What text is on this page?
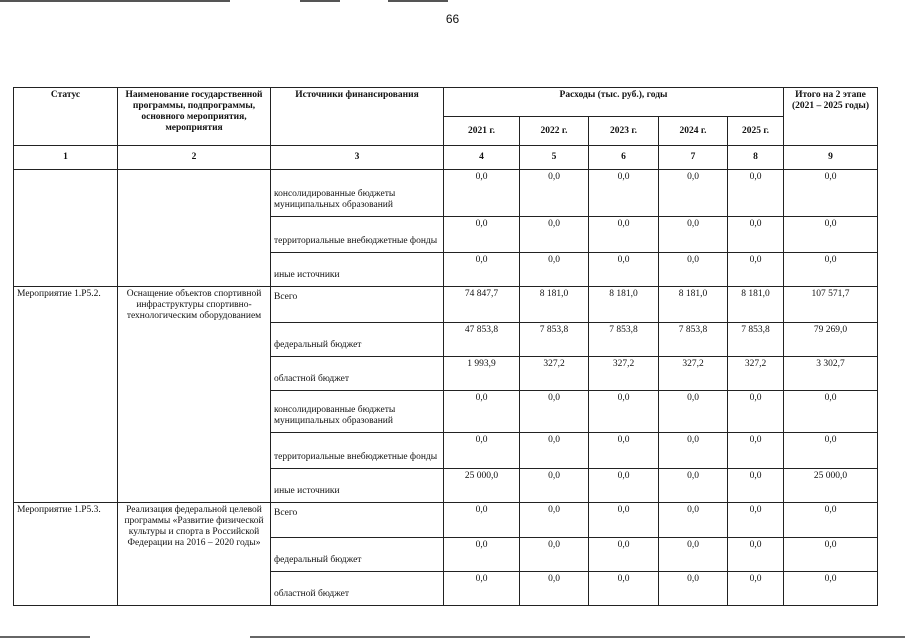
66
Статус	Наименование государственной программы, подпрограммы, основного мероприятия, мероприятия	Источники финансирования	Расходы (тыс. руб.), годы					Итого на 2 этапе (2021 – 2025 годы)
			2021 г.	2022 г.	2023 г.	2024 г.	2025 г.	
1	2	3	4	5	6	7	8	9
		консолидированные бюджеты муниципальных образований	0,0	0,0	0,0	0,0	0,0	0,0
		территориальные внебюджетные фонды	0,0	0,0	0,0	0,0	0,0	0,0
		иные источники	0,0	0,0	0,0	0,0	0,0	0,0
Мероприятие 1.Р5.2.	Оснащение объектов спортивной инфраструктуры спортивно-технологическим оборудованием	Всего	74 847,7	8 181,0	8 181,0	8 181,0	8 181,0	107 571,7
		федеральный бюджет	47 853,8	7 853,8	7 853,8	7 853,8	7 853,8	79 269,0
		областной бюджет	1 993,9	327,2	327,2	327,2	327,2	3 302,7
		консолидированные бюджеты муниципальных образований	0,0	0,0	0,0	0,0	0,0	0,0
		территориальные внебюджетные фонды	0,0	0,0	0,0	0,0	0,0	0,0
		иные источники	25 000,0	0,0	0,0	0,0	0,0	25 000,0
Мероприятие 1.Р5.3.	Реализация федеральной целевой программы «Развитие физической культуры и спорта в Российской Федерации на 2016 – 2020 годы»	Всего	0,0	0,0	0,0	0,0	0,0	0,0
		федеральный бюджет	0,0	0,0	0,0	0,0	0,0	0,0
		областной бюджет	0,0	0,0	0,0	0,0	0,0	0,0
